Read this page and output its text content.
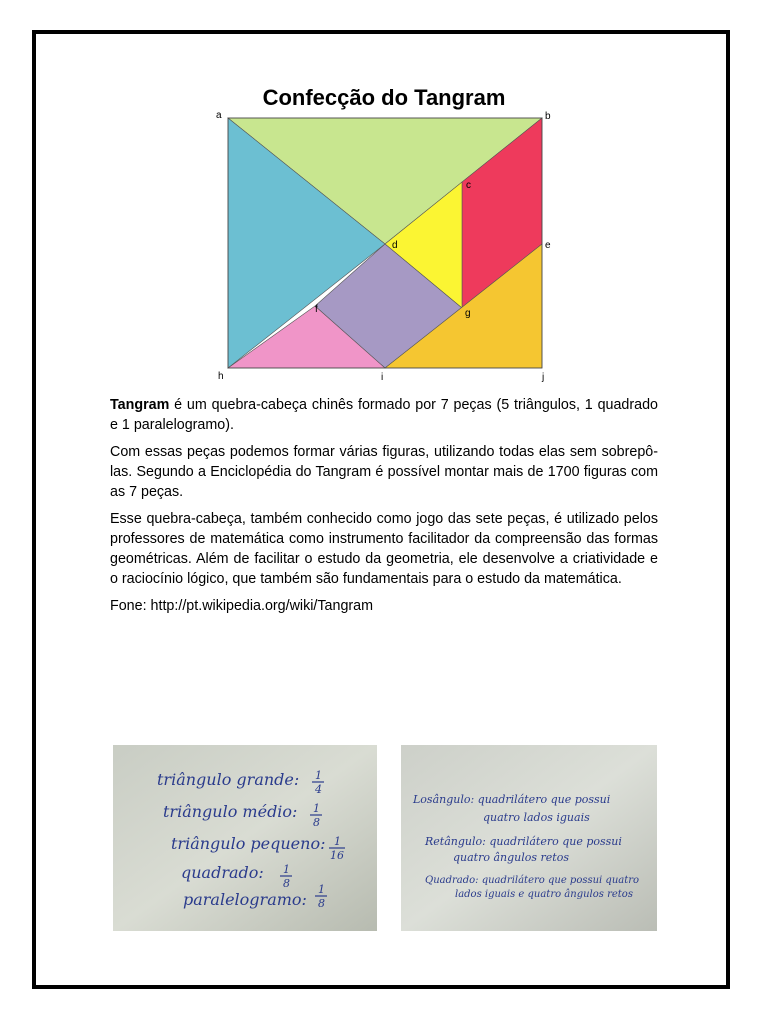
Confecção do Tangram
a	b
c
d	e
f	g
h	i	j

Tangram é um quebra-cabeça chinês formado por 7 peças (5 triângulos, 1 quadrado e 1 paralelogramo).

Com essas peças podemos formar várias figuras, utilizando todas elas sem sobrepô-las. Segundo a Enciclopédia do Tangram é possível montar mais de 1700 figuras com as 7 peças.

Esse quebra-cabeça, também conhecido como jogo das sete peças, é utilizado pelos professores de matemática como instrumento facilitador da compreensão das formas geométricas. Além de facilitar o estudo da geometria, ele desenvolve a criatividade e o raciocínio lógico, que também são fundamentais para o estudo da matemática.

Fone: http://pt.wikipedia.org/wiki/Tangram

triângulo grande: 1
4
triângulo médio: 1
8
triângulo pequeno: 1
16
quadrado: 1
8
paralelogramo:
1
8
Losângulo: quadrilátero que possui
quatro lados iguais
Retângulo: quadrilátero que possui
quatro ângulos retos
Quadrado: quadrilátero que possui quatro
lados iguais e quatro ângulos retos
